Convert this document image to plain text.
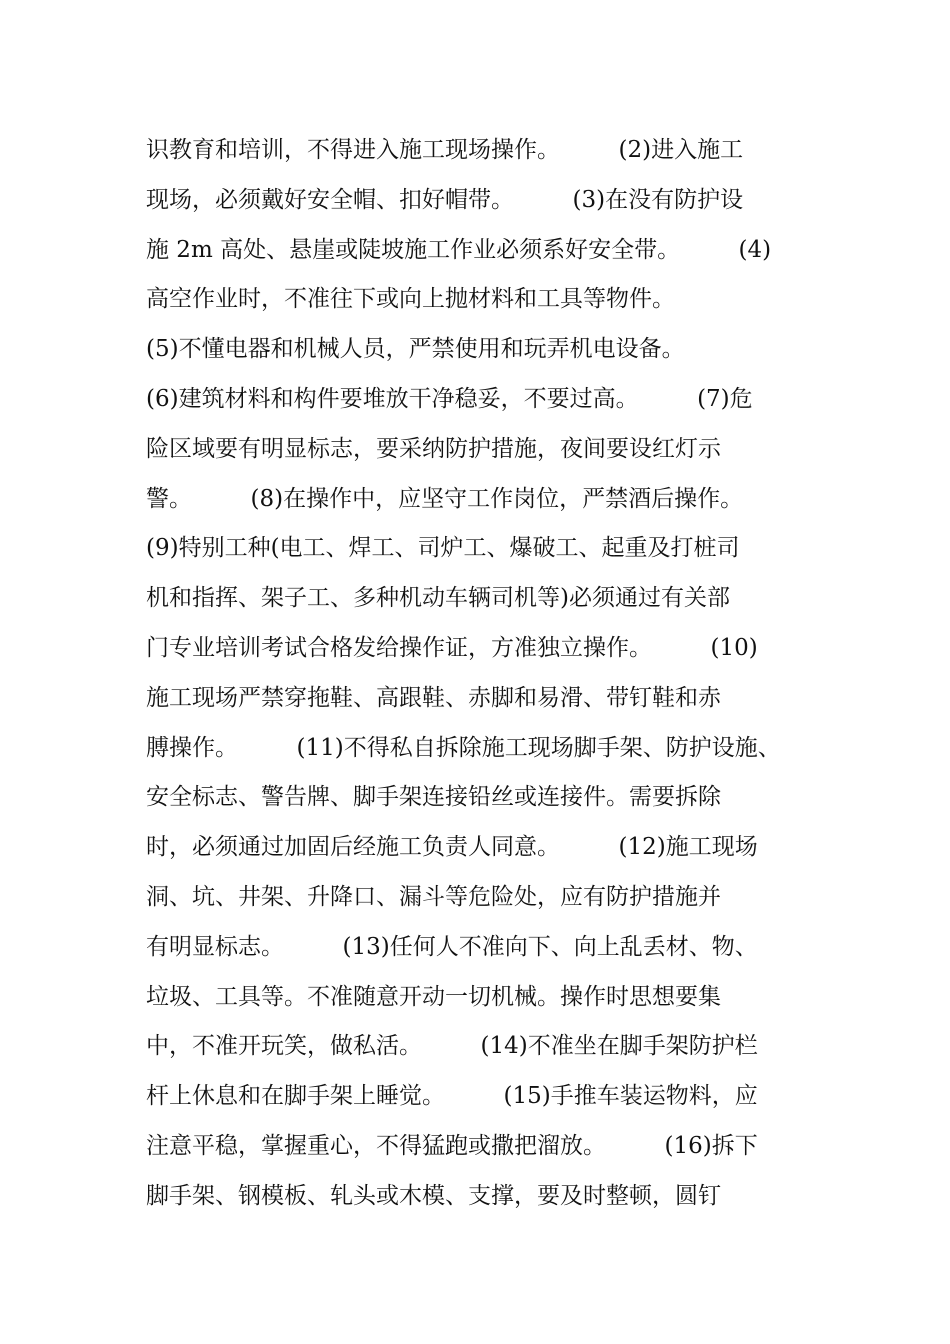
识教育和培训，不得进入施工现场操作。        (2)进入施工
现场，必须戴好安全帽、扣好帽带。        (3)在没有防护设
施 2m 高处、悬崖或陡坡施工作业必须系好安全带。        (4)
高空作业时，不准往下或向上抛材料和工具等物件。
(5)不懂电器和机械人员，严禁使用和玩弄机电设备。
(6)建筑材料和构件要堆放干净稳妥，不要过高。        (7)危
险区域要有明显标志，要采纳防护措施，夜间要设红灯示
警。        (8)在操作中，应坚守工作岗位，严禁酒后操作。
(9)特别工种(电工、焊工、司炉工、爆破工、起重及打桩司
机和指挥、架子工、多种机动车辆司机等)必须通过有关部
门专业培训考试合格发给操作证，方准独立操作。        (10)
施工现场严禁穿拖鞋、高跟鞋、赤脚和易滑、带钉鞋和赤
膊操作。        (11)不得私自拆除施工现场脚手架、防护设施、
安全标志、警告牌、脚手架连接铅丝或连接件。需要拆除
时，必须通过加固后经施工负责人同意。        (12)施工现场
洞、坑、井架、升降口、漏斗等危险处，应有防护措施并
有明显标志。        (13)任何人不准向下、向上乱丢材、物、
垃圾、工具等。不准随意开动一切机械。操作时思想要集
中，不准开玩笑，做私活。        (14)不准坐在脚手架防护栏
杆上休息和在脚手架上睡觉。        (15)手推车装运物料，应
注意平稳，掌握重心，不得猛跑或撒把溜放。        (16)拆下
脚手架、钢模板、轧头或木模、支撑，要及时整顿，圆钉
